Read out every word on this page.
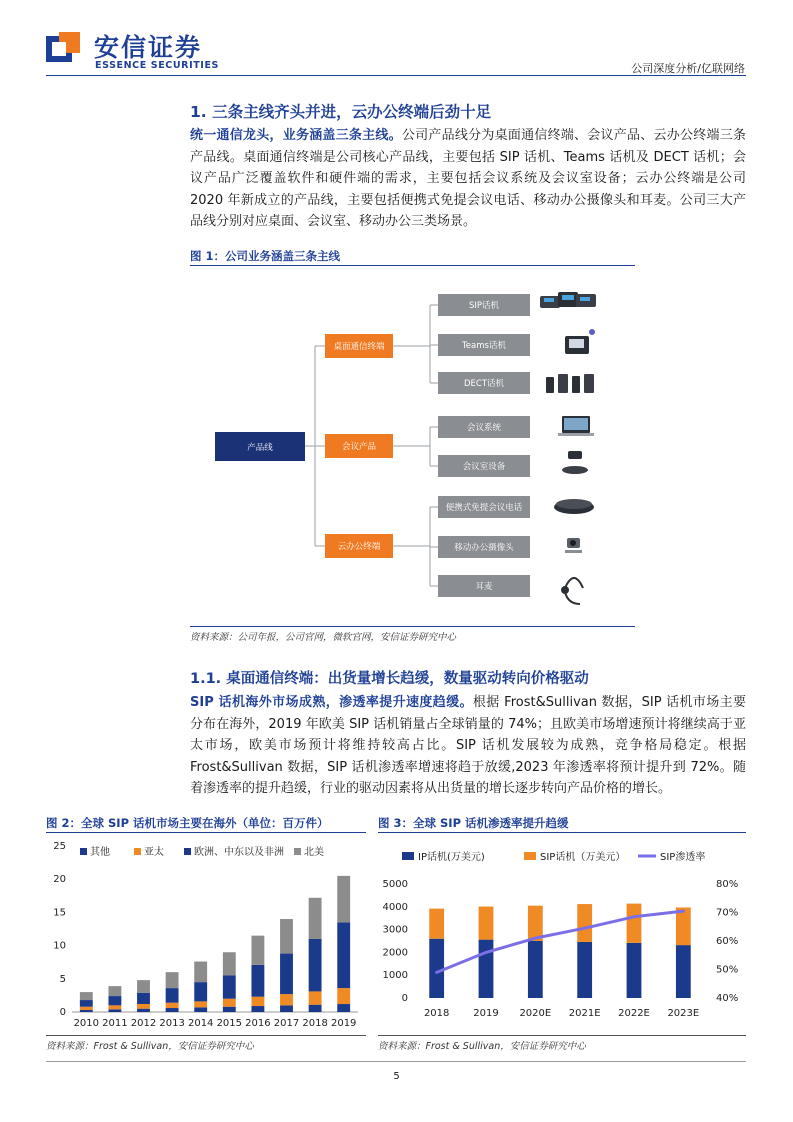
安信证券
ESSENCE SECURITIES	公司深度分析/亿联网络
1. 三条主线齐头并进，云办公终端后劲十足
统一通信龙头，业务涵盖三条主线。公司产品线分为桌面通信终端、会议产品、云办公终端三条产品线。桌面通信终端是公司核心产品线，主要包括 SIP 话机、Teams 话机及 DECT 话机；会议产品广泛覆盖软件和硬件端的需求，主要包括会议系统及会议室设备；云办公终端是公司 2020 年新成立的产品线，主要包括便携式免提会议电话、移动办公摄像头和耳麦。公司三大产品线分别对应桌面、会议室、移动办公三类场景。
图 1：公司业务涵盖三条主线
产品线
桌面通信终端
会议产品
云办公终端
SIP话机
Teams话机
DECT话机
会议系统
会议室设备
便携式免提会议电话
移动办公摄像头
耳麦
资料来源：公司年报，公司官网，微软官网，安信证券研究中心
1.1. 桌面通信终端：出货量增长趋缓，数量驱动转向价格驱动
SIP 话机海外市场成熟，渗透率提升速度趋缓。根据 Frost&Sullivan 数据，SIP 话机市场主要分布在海外，2019 年欧美 SIP 话机销量占全球销量的 74%；且欧美市场增速预计将继续高于亚太市场，欧美市场预计将维持较高占比。SIP 话机发展较为成熟，竞争格局稳定。根据Frost&Sullivan 数据，SIP 话机渗透率增速将趋于放缓,2023 年渗透率将预计提升到 72%。随着渗透率的提升趋缓，行业的驱动因素将从出货量的增长逐步转向产品价格的增长。
图 2：全球 SIP 话机市场主要在海外（单位：百万件）
0
5
10
15
20
25
2010 2011 2012 2013 2014 2015 2016 2017 2018 2019
其他	亚太	欧洲、中东以及非洲 北美
资料来源：Frost & Sullivan，安信证券研究中心
图 3：全球 SIP 话机渗透率提升趋缓
0
1000
2000
3000
4000
5000
40%
50%
60%
70%
80%
2018 2019 2020E 2021E 2022E 2023E
IP话机(万美元)	SIP话机（万美元）	SIP渗透率
资料来源：Frost & Sullivan，安信证券研究中心
5
